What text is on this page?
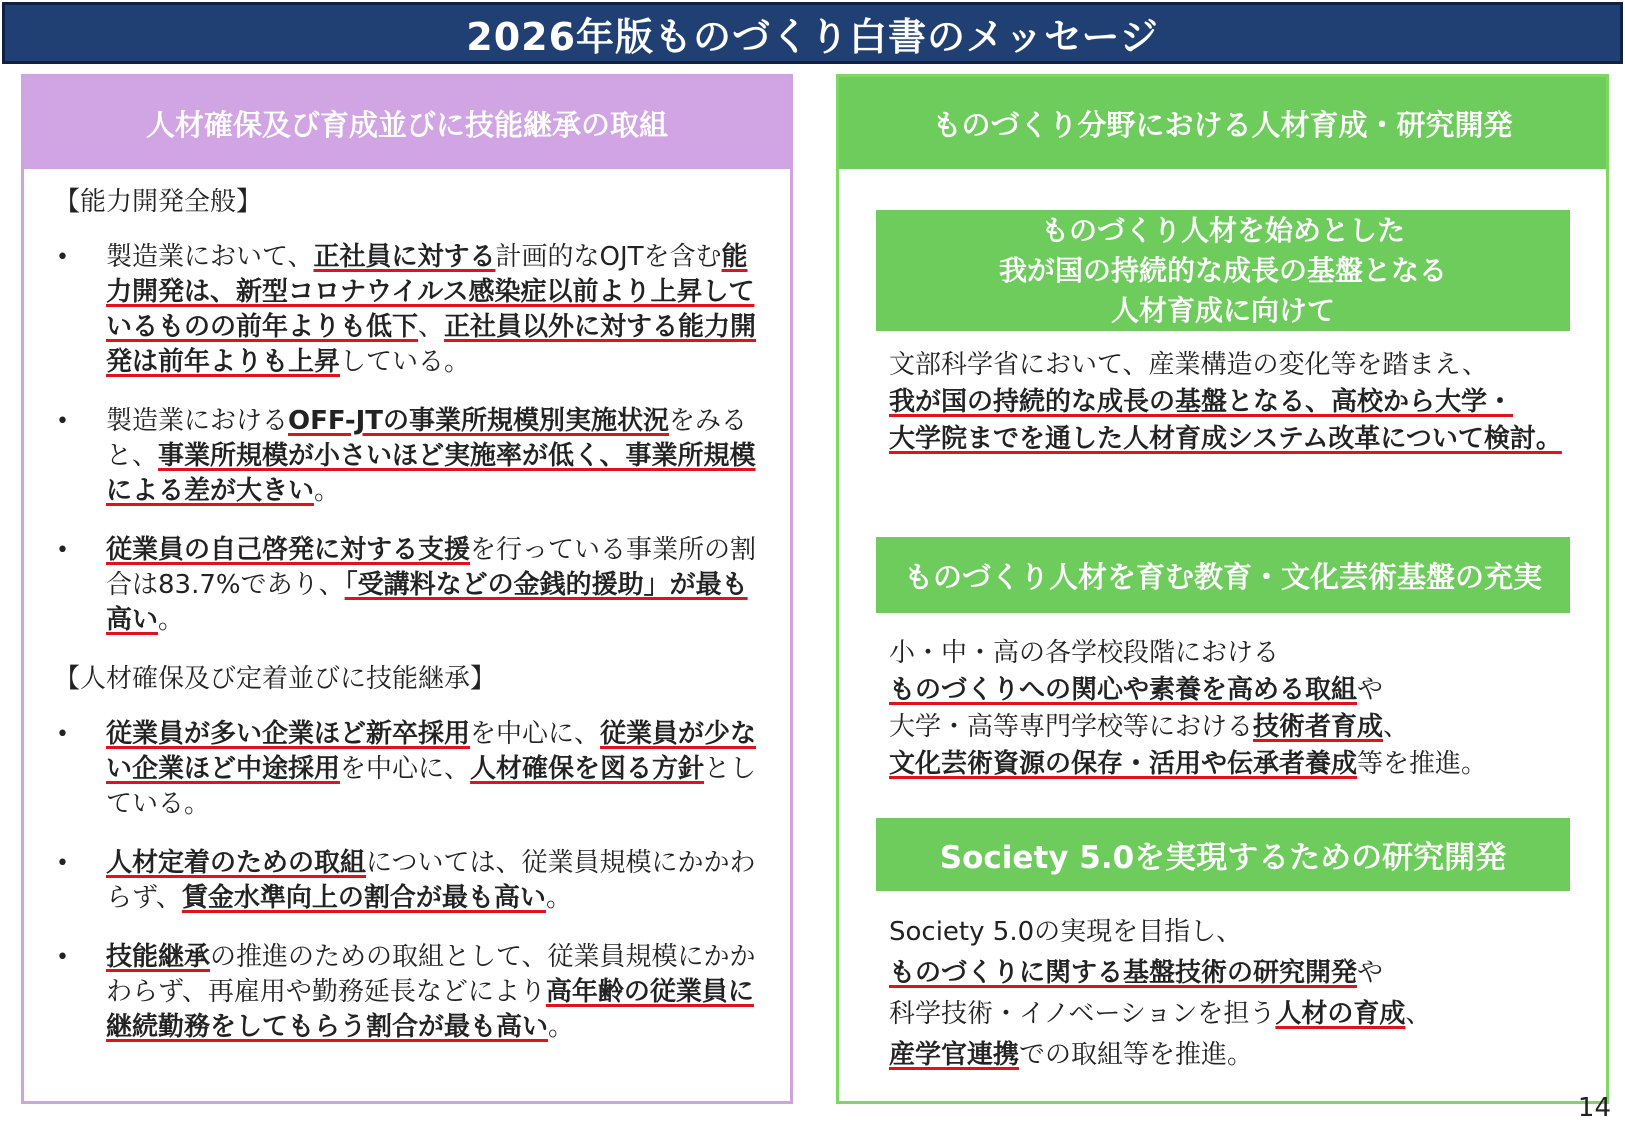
2026年版ものづくり白書のメッセージ
人材確保及び育成並びに技能継承の取組
【能力開発全般】
• 製造業において、正社員に対する計画的なOJTを含む能力開発は、新型コロナウイルス感染症以前より上昇しているものの前年よりも低下、正社員以外に対する能力開発は前年よりも上昇している。
• 製造業におけるOFF-JTの事業所規模別実施状況をみると、事業所規模が小さいほど実施率が低く、事業所規模による差が大きい。
• 従業員の自己啓発に対する支援を行っている事業所の割合は83.7%であり、「受講料などの金銭的援助」が最も高い。
【人材確保及び定着並びに技能継承】
• 従業員が多い企業ほど新卒採用を中心に、従業員が少ない企業ほど中途採用を中心に、人材確保を図る方針としている。
• 人材定着のための取組については、従業員規模にかかわらず、賃金水準向上の割合が最も高い。
• 技能継承の推進のための取組として、従業員規模にかかわらず、再雇用や勤務延長などにより高年齢の従業員に継続勤務をしてもらう割合が最も高い。
ものづくり分野における人材育成・研究開発
ものづくり人材を始めとした
我が国の持続的な成長の基盤となる
人材育成に向けて
文部科学省において、産業構造の変化等を踏まえ、
我が国の持続的な成長の基盤となる、高校から大学・
大学院までを通した人材育成システム改革について検討。
ものづくり人材を育む教育・文化芸術基盤の充実
小・中・高の各学校段階における
ものづくりへの関心や素養を高める取組や
大学・高等専門学校等における技術者育成、
文化芸術資源の保存・活用や伝承者養成等を推進。
Society 5.0を実現するための研究開発
Society 5.0の実現を目指し、
ものづくりに関する基盤技術の研究開発や
科学技術・イノベーションを担う人材の育成、
産学官連携での取組等を推進。
14
